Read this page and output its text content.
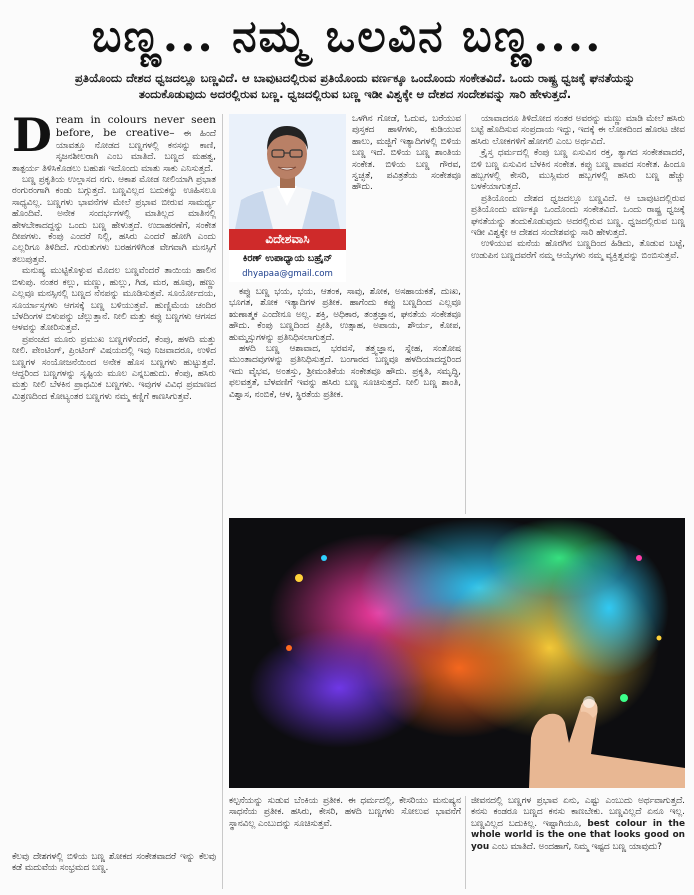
ಬಣ್ಣ... ನಮ್ಮ ಒಲವಿನ ಬಣ್ಣ....
ಪ್ರತಿಯೊಂದು ದೇಶದ ಧ್ವಜದಲ್ಲೂ ಬಣ್ಣವಿದೆ. ಆ ಬಾವುಟದಲ್ಲಿರುವ ಪ್ರತಿಯೊಂದು ವರ್ಣಕ್ಕೂ ಒಂದೊಂದು ಸಂಕೇತವಿದೆ. ಒಂದು ರಾಷ್ಟ್ರ ಧ್ವಜಕ್ಕೆ ಘನತೆಯನ್ನು ತಂದುಕೊಡುವುದು ಅದರಲ್ಲಿರುವ ಬಣ್ಣ. ಧ್ವಜದಲ್ಲಿರುವ ಬಣ್ಣ ಇಡೀ ವಿಶ್ವಕ್ಕೇ ಆ ದೇಶದ ಸಂದೇಶವನ್ನು ಸಾರಿ ಹೇಳುತ್ತದೆ.

D ream in colours never seen before, be creative– ಈ ಹಿಂದೆ ಯಾವತ್ತೂ ನೋಡದ ಬಣ್ಣಗಳಲ್ಲಿ ಕನಸನ್ನು ಕಾಣಿ, ಸೃಜನಶೀಲರಾಗಿ ಎಂಬ ಮಾತಿದೆ. ಬಣ್ಣದ ಮಹತ್ವ, ತಾತ್ಪರ್ಯ ತಿಳಿಸಿಕೊಡಲು ಬಹುಶಃ ಇದೊಂದು ಮಾತು ಸಾಕು ಎನಿಸುತ್ತದೆ.

ಬಣ್ಣ ಪ್ರಕೃತಿಯ ಉಲ್ಲಾಸದ ನಗು. ಆಕಾಶ ಮೋಡ ನೀಲಿಯಾಗಿ ಪ್ರಭಾತ ರಂಗುರಂಗಾಗಿ ಕಂಡು ಬಗ್ಗುತ್ತದೆ. ಬಣ್ಣವಿಲ್ಲದ ಬದುಕನ್ನು ಊಹಿಸಲೂ ಸಾಧ್ಯವಿಲ್ಲ. ಬಣ್ಣಗಳು ಭಾವನೆಗಳ ಮೇಲೆ ಪ್ರಭಾವ ಬೀರುವ ಸಾಮರ್ಥ್ಯ ಹೊಂದಿವೆ. ಅನೇಕ ಸಂದರ್ಭಗಳಲ್ಲಿ ಮಾತಿಲ್ಲದ ಮಾತಿನಲ್ಲಿ ಹೇಳಬೇಕಾದದ್ದನ್ನು ಒಂದು ಬಣ್ಣ ಹೇಳುತ್ತದೆ. ಉದಾಹರಣೆಗೆ, ಸಂಕೇತ ದೀಪಗಳು. ಕೆಂಪು ಎಂದರೆ ನಿಲ್ಲಿ, ಹಸಿರು ಎಂದರೆ ಹೋಗಿ ಎಂದು ಎಲ್ಲರಿಗೂ ತಿಳಿದಿದೆ. ಗುರುತುಗಳು ಬರಹಗಳಿಗಿಂತ ವೇಗವಾಗಿ ಮನಸ್ಸಿಗೆ ತಲುಪುತ್ತವೆ.

ಮನುಷ್ಯ ಮುಟ್ಟಿಕೊಳ್ಳುವ ಮೊದಲ ಬಣ್ಣವೆಂದರೆ ತಾಯಿಯ ಹಾಲಿನ ಬಿಳುಪು. ನಂತರ ಕಲ್ಲು, ಮಣ್ಣು, ಹುಲ್ಲು, ಗಿಡ, ಮರ, ಹೂವು, ಹಣ್ಣು ಎಲ್ಲವೂ ಮನಸ್ಸಿನಲ್ಲಿ ಬಣ್ಣದ ನೆನಪನ್ನು ಮೂಡಿಸುತ್ತವೆ. ಸೂರ್ಯೋದಯ, ಸೂರ್ಯಾಸ್ತಗಳು ಆಗಸಕ್ಕೆ ಬಣ್ಣ ಬಳಿಯುತ್ತವೆ. ಹುಣ್ಣಿಮೆಯ ಚಂದಿರ ಬೆಳದಿಂಗಳ ಬಿಳುಪನ್ನು ಚೆಲ್ಲುತ್ತಾನೆ. ನೀಲಿ ಮತ್ತು ಕಪ್ಪು ಬಣ್ಣಗಳು ಆಗಸದ ಆಳವನ್ನು ತೋರಿಸುತ್ತವೆ.

ಪ್ರಪಂಚದ ಮೂರು ಪ್ರಮುಖ ಬಣ್ಣಗಳೆಂದರೆ, ಕೆಂಪು, ಹಳದಿ ಮತ್ತು ನೀಲಿ. ಪೇಂಟಿಂಗ್, ಪ್ರಿಂಟಿಂಗ್ ವಿಷಯದಲ್ಲಿ ಇವು ನಿಜವಾದರೂ, ಉಳಿದ ಬಣ್ಣಗಳ ಸಂಯೋಜನೆಯಿಂದ ಅನೇಕ ಹೊಸ ಬಣ್ಣಗಳು ಹುಟ್ಟುತ್ತವೆ. ಆದ್ದರಿಂದ ಬಣ್ಣಗಳನ್ನು ಸೃಷ್ಟಿಯ ಮೂಲ ಎನ್ನಬಹುದು. ಕೆಂಪು, ಹಸಿರು ಮತ್ತು ನೀಲಿ ಬೆಳಕಿನ ಪ್ರಾಥಮಿಕ ಬಣ್ಣಗಳು. ಇವುಗಳ ವಿವಿಧ ಪ್ರಮಾಣದ ಮಿಶ್ರಣದಿಂದ ಕೋಟ್ಯಂತರ ಬಣ್ಣಗಳು ನಮ್ಮ ಕಣ್ಣಿಗೆ ಕಾಣಸಿಗುತ್ತವೆ.

ವಿದೇಶವಾಸಿ
ಕಿರಣ್ ಉಪಾಧ್ಯಾಯ ಬಹ್ರೈನ್
dhyapaa@gmail.com
ಒಳಗಿನ ಗೋಡೆ, ಓದುವ, ಬರೆಯುವ ಪುಸ್ತಕದ ಹಾಳೆಗಳು, ಕುಡಿಯುವ ಹಾಲು, ಮಜ್ಜಿಗೆ ಇತ್ಯಾದಿಗಳಲ್ಲಿ ಬಿಳಿಯ ಬಣ್ಣ ಇದೆ. ಬಿಳಿಯ ಬಣ್ಣ ಶಾಂತಿಯ ಸಂಕೇತ. ಬಿಳಿಯ ಬಣ್ಣ ಗೌರವ, ಸ್ವಚ್ಛತೆ, ಪವಿತ್ರತೆಯ ಸಂಕೇತವೂ ಹೌದು.

ಕಪ್ಪು ಬಣ್ಣ ಭಯ, ಭಯ, ಆತಂಕ, ಸಾವು, ಶೋಕ, ಅಸಹಾಯಕತೆ, ದುಃಖ, ಭೂಗತ, ಶೋಕ ಇತ್ಯಾದಿಗಳ ಪ್ರತೀಕ. ಹಾಗೆಂದು ಕಪ್ಪು ಬಣ್ಣದಿಂದ ಎಲ್ಲವೂ ಋಣಾತ್ಮಕ ಎಂದೇನೂ ಅಲ್ಲ. ಶಕ್ತಿ, ಅಧಿಕಾರ, ತಂತ್ರಜ್ಞಾನ, ಘನತೆಯ ಸಂಕೇತವೂ ಹೌದು. ಕೆಂಪು ಬಣ್ಣದಿಂದ ಪ್ರೀತಿ, ಉತ್ಸಾಹ, ಅಪಾಯ, ಶೌರ್ಯ, ಕೋಪ, ಹುಮ್ಮಸ್ಸುಗಳನ್ನು ಪ್ರತಿನಿಧಿಸಲಾಗುತ್ತದೆ.

ಹಳದಿ ಬಣ್ಣ ಆಶಾವಾದ, ಭರವಸೆ, ತತ್ತ್ವಜ್ಞಾನ, ಸ್ನೇಹ, ಸಂತೋಷ ಮುಂತಾದವುಗಳನ್ನು ಪ್ರತಿನಿಧಿಸುತ್ತದೆ. ಬಂಗಾರದ ಬಣ್ಣವೂ ಹಳದಿಯಾದದ್ದರಿಂದ ಇದು ವೈಭವ, ಅಂತಸ್ತು, ಶ್ರೀಮಂತಿಕೆಯ ಸಂಕೇತವೂ ಹೌದು. ಪ್ರಕೃತಿ, ಸಮೃದ್ಧಿ, ಫಲವತ್ತತೆ, ಬೆಳವಣಿಗೆ ಇವನ್ನು ಹಸಿರು ಬಣ್ಣ ಸೂಚಿಸುತ್ತದೆ. ನೀಲಿ ಬಣ್ಣ ಶಾಂತಿ, ವಿಶ್ವಾಸ, ನಂಬಿಕೆ, ಆಳ, ಸ್ಥಿರತೆಯ ಪ್ರತೀಕ.

ಯಾವಾದರೂ ತಿಳಿದೋದ ನಂತರ ಅವರನ್ನು ಮಣ್ಣು ಮಾಡಿ ಮೇಲೆ ಹಸಿರು ಬಟ್ಟೆ ಹೊದಿಸುವ ಸಂಪ್ರದಾಯ ಇದ್ದು, ಇದಕ್ಕೆ ಈ ಲೋಕದಿಂದ ಹೊರಟ ಜೀವ ಹಸಿರು ಲೋಕಗಳಿಗೆ ಹೋಗಲಿ ಎಂಬ ಅರ್ಥವಿದೆ.

ಕ್ರೈಸ್ತ ಧರ್ಮದಲ್ಲಿ ಕೆಂಪು ಬಣ್ಣ ಏಸುವಿನ ರಕ್ತ, ತ್ಯಾಗದ ಸಂಕೇತವಾದರೆ, ಬಿಳಿ ಬಣ್ಣ ಏಸುವಿನ ಬೆಳಕಿನ ಸಂಕೇತ. ಕಪ್ಪು ಬಣ್ಣ ಪಾಪದ ಸಂಕೇತ. ಹಿಂದೂ ಹಬ್ಬಗಳಲ್ಲಿ ಕೇಸರಿ, ಮುಸ್ಲಿಮರ ಹಬ್ಬಗಳಲ್ಲಿ ಹಸಿರು ಬಣ್ಣ ಹೆಚ್ಚು ಬಳಕೆಯಾಗುತ್ತದೆ.

ಪ್ರತಿಯೊಂದು ದೇಶದ ಧ್ವಜದಲ್ಲೂ ಬಣ್ಣವಿದೆ. ಆ ಬಾವುಟದಲ್ಲಿರುವ ಪ್ರತಿಯೊಂದು ವರ್ಣಕ್ಕೂ ಒಂದೊಂದು ಸಂಕೇತವಿದೆ. ಒಂದು ರಾಷ್ಟ್ರ ಧ್ವಜಕ್ಕೆ ಘನತೆಯನ್ನು ತಂದುಕೊಡುವುದು ಅದರಲ್ಲಿರುವ ಬಣ್ಣ. ಧ್ವಜದಲ್ಲಿರುವ ಬಣ್ಣ ಇಡೀ ವಿಶ್ವಕ್ಕೇ ಆ ದೇಶದ ಸಂದೇಶವನ್ನು ಸಾರಿ ಹೇಳುತ್ತದೆ.

ಉಳಿಯುವ ಮನೆಯ ಹೊರಗಿನ ಬಣ್ಣದಿಂದ ಹಿಡಿದು, ತೊಡುವ ಬಟ್ಟೆ, ಉಡುಪಿನ ಬಣ್ಣದವರೆಗೆ ನಮ್ಮ ಆಯ್ಕೆಗಳು ನಮ್ಮ ವ್ಯಕ್ತಿತ್ವವನ್ನು ಬಿಂಬಿಸುತ್ತವೆ.

ಕಲ್ಪನೆಯನ್ನು ಸುಡುವ ಬೆಂಕಿಯ ಪ್ರತೀಕ. ಈ ಧರ್ಮದಲ್ಲಿ, ಕೇಸರಿಯು ಮನುಷ್ಯನ ಸಾಧನೆಯ ಪ್ರತೀಕ. ಹಸಿರು, ಕೇಸರಿ, ಹಳದಿ ಬಣ್ಣಗಳು ಸೋಲುವ ಭಾವನೆಗೆ ಸ್ಥಾನವಿಲ್ಲ ಎಂಬುದನ್ನು ಸೂಚಿಸುತ್ತವೆ.
ಜೀವನದಲ್ಲಿ ಬಣ್ಣಗಳ ಪ್ರಭಾವ ಏನು, ಎಷ್ಟು ಎಂಬುದು ಅರ್ಥವಾಗುತ್ತದೆ. ಕನಸು ಕಂಡರೂ ಬಣ್ಣದ ಕನಸು ಕಾಣಬೇಕು. ಬಣ್ಣವಿಲ್ಲದೆ ಏನೂ ಇಲ್ಲ. ಬಣ್ಣವಿಲ್ಲದ ಬದುಕಿಲ್ಲ. ಇಷ್ಟಾಗಿಯೂ, best colour in the whole world is the one that looks good on you ಎಂಬ ಮಾತಿದೆ. ಅಂದಹಾಗೆ, ನಿಮ್ಮ ಇಷ್ಟದ ಬಣ್ಣ ಯಾವುದು?
ಕೆಲವು ದೇಶಗಳಲ್ಲಿ ಬಿಳಿಯ ಬಣ್ಣ ಶೋಕದ ಸಂಕೇತವಾದರೆ ಇನ್ನು ಕೆಲವು ಕಡೆ ಮದುವೆಯ ಸಂಭ್ರಮದ ಬಣ್ಣ.
